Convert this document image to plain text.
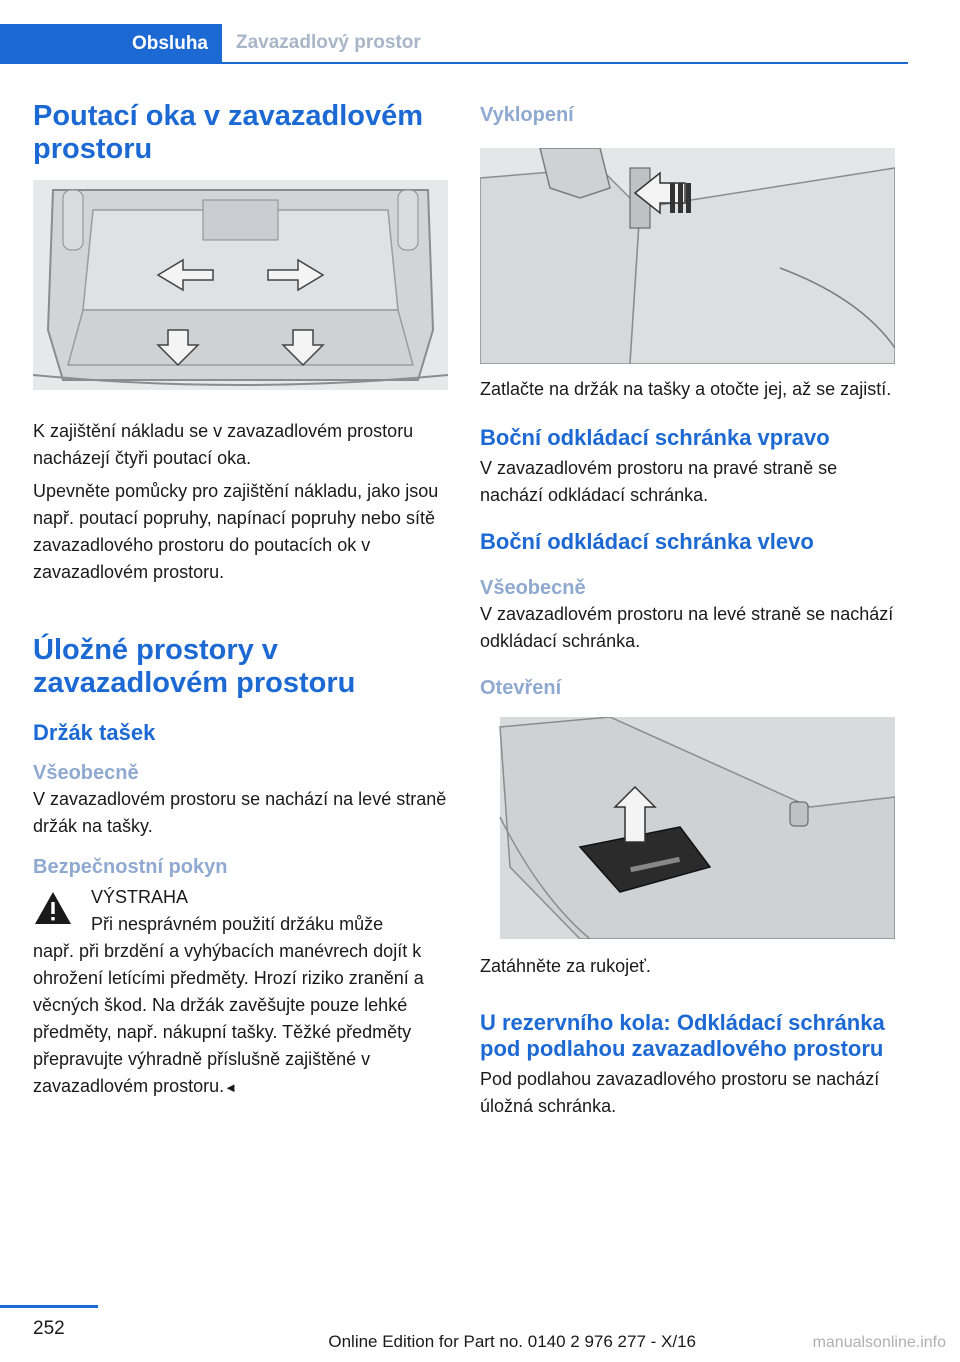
Obsluha	Zavazadlový prostor
Poutací oka v zavazadlovém prostoru

K zajištění nákladu se v zavazadlovém prostoru nacházejí čtyři poutací oka.

Upevněte pomůcky pro zajištění nákladu, jako jsou např. poutací popruhy, napínací popruhy nebo sítě zavazadlového prostoru do poutacích ok v zavazadlovém prostoru.

Úložné prostory v zavazadlovém prostoru
Držák tašek
Všeobecně

V zavazadlovém prostoru se nachází na levé straně držák na tašky.

Bezpečnostní pokyn

VÝSTRAHA

Při nesprávném použití držáku může

např. při brzdění a vyhýbacích manévrech dojít k ohrožení letícími předměty. Hrozí riziko zranění a věcných škod. Na držák zavěšujte pouze lehké předměty, např. nákupní tašky. Těžké předměty přepravujte výhradně příslušně zajištěné v zavazadlovém prostoru.◄

Vyklopení

Zatlačte na držák na tašky a otočte jej, až se zajistí.

Boční odkládací schránka vpravo

V zavazadlovém prostoru na pravé straně se nachází odkládací schránka.

Boční odkládací schránka vlevo
Všeobecně

V zavazadlovém prostoru na levé straně se nachází odkládací schránka.

Otevření

Zatáhněte za rukojeť.

U rezervního kola: Odkládací schránka pod podlahou zavazadlového prostoru

Pod podlahou zavazadlového prostoru se nachází úložná schránka.

252
Online Edition for Part no. 0140 2 976 277 - X/16	manualsonline.info
